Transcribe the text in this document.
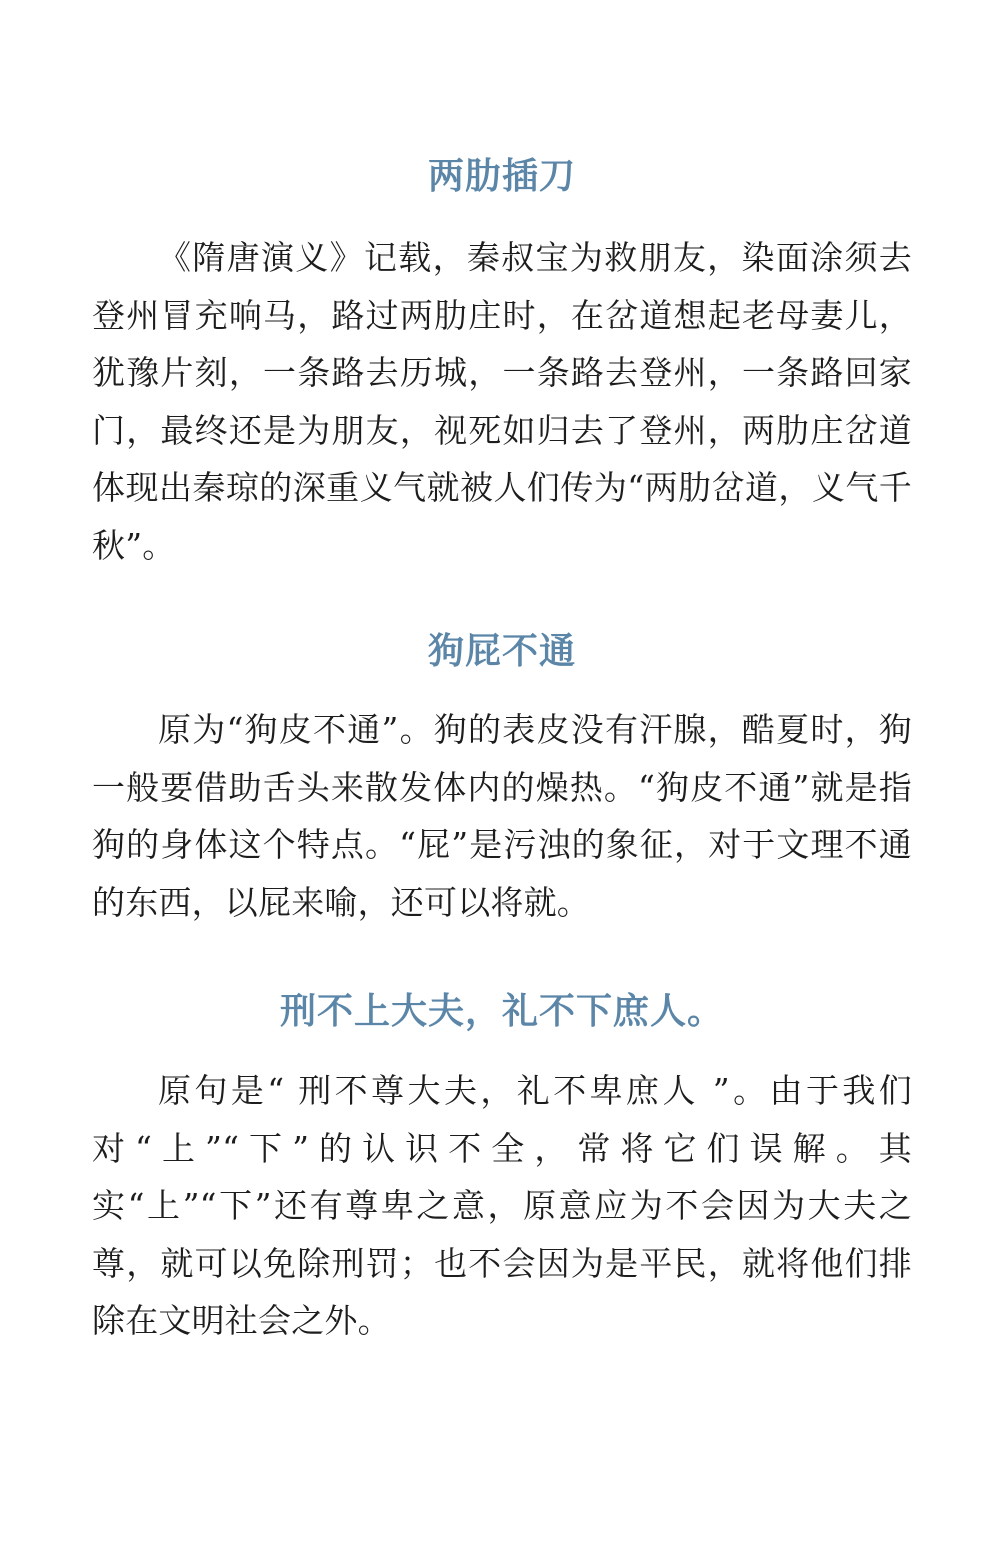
两肋插刀

《隋唐演义》记载，秦叔宝为救朋友，染面涂须去登州冒充响马，路过两肋庄时，在岔道想起老母妻儿，犹豫片刻，一条路去历城，一条路去登州，一条路回家门，最终还是为朋友，视死如归去了登州，两肋庄岔道体现出秦琼的深重义气就被人们传为“两肋岔道，义气千秋”。

狗屁不通

原为“狗皮不通”。狗的表皮没有汗腺，酷夏时，狗一般要借助舌头来散发体内的燥热。“狗皮不通”就是指狗的身体这个特点。“屁”是污浊的象征，对于文理不通的东西，以屁来喻，还可以将就。

刑不上大夫，礼不下庶人。

原句是“ 刑不尊大夫，礼不卑庶人 ”。由于我们对“上”“下”的认识不全，常将它们误解。其实“上”“下”还有尊卑之意，原意应为不会因为大夫之尊，就可以免除刑罚；也不会因为是平民，就将他们排除在文明社会之外。
